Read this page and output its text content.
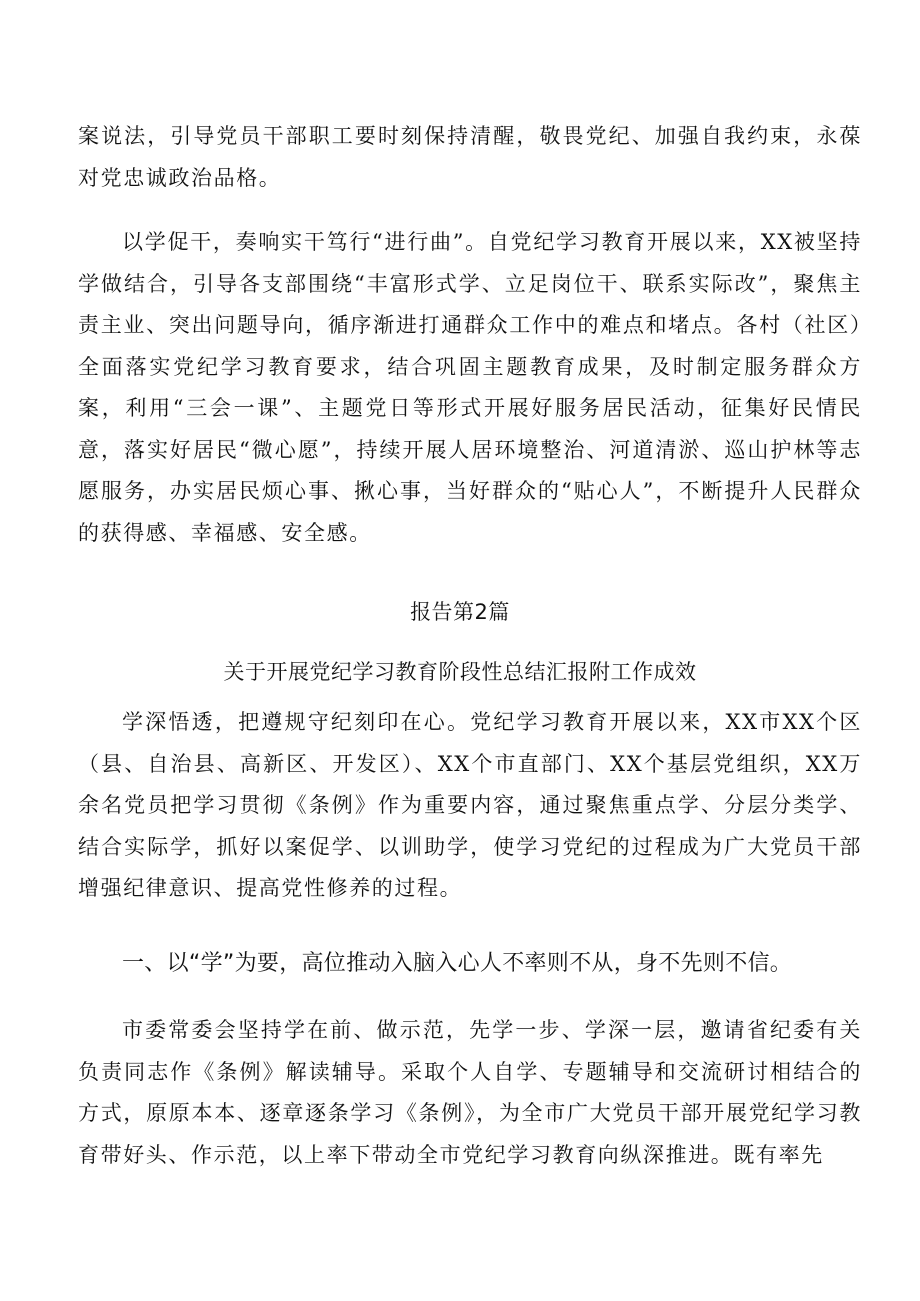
案说法，引导党员干部职工要时刻保持清醒，敬畏党纪、加强自我约束，永葆对党忠诚政治品格。

以学促干，奏响实干笃行“进行曲”。自党纪学习教育开展以来，XX被坚持学做结合，引导各支部围绕“丰富形式学、立足岗位干、联系实际改”，聚焦主责主业、突出问题导向，循序渐进打通群众工作中的难点和堵点。各村（社区）全面落实党纪学习教育要求，结合巩固主题教育成果，及时制定服务群众方案，利用“三会一课”、主题党日等形式开展好服务居民活动，征集好民情民意，落实好居民“微心愿”，持续开展人居环境整治、河道清淤、巡山护林等志愿服务，办实居民烦心事、揪心事，当好群众的“贴心人”，不断提升人民群众的获得感、幸福感、安全感。

报告第2篇

关于开展党纪学习教育阶段性总结汇报附工作成效

学深悟透，把遵规守纪刻印在心。党纪学习教育开展以来，XX市XX个区（县、自治县、高新区、开发区）、XX个市直部门、XX个基层党组织，XX万余名党员把学习贯彻《条例》作为重要内容，通过聚焦重点学、分层分类学、结合实际学，抓好以案促学、以训助学，使学习党纪的过程成为广大党员干部增强纪律意识、提高党性修养的过程。

一、以“学”为要，高位推动入脑入心人不率则不从，身不先则不信。

市委常委会坚持学在前、做示范，先学一步、学深一层，邀请省纪委有关负责同志作《条例》解读辅导。采取个人自学、专题辅导和交流研讨相结合的方式，原原本本、逐章逐条学习《条例》，为全市广大党员干部开展党纪学习教育带好头、作示范，以上率下带动全市党纪学习教育向纵深推进。既有率先
